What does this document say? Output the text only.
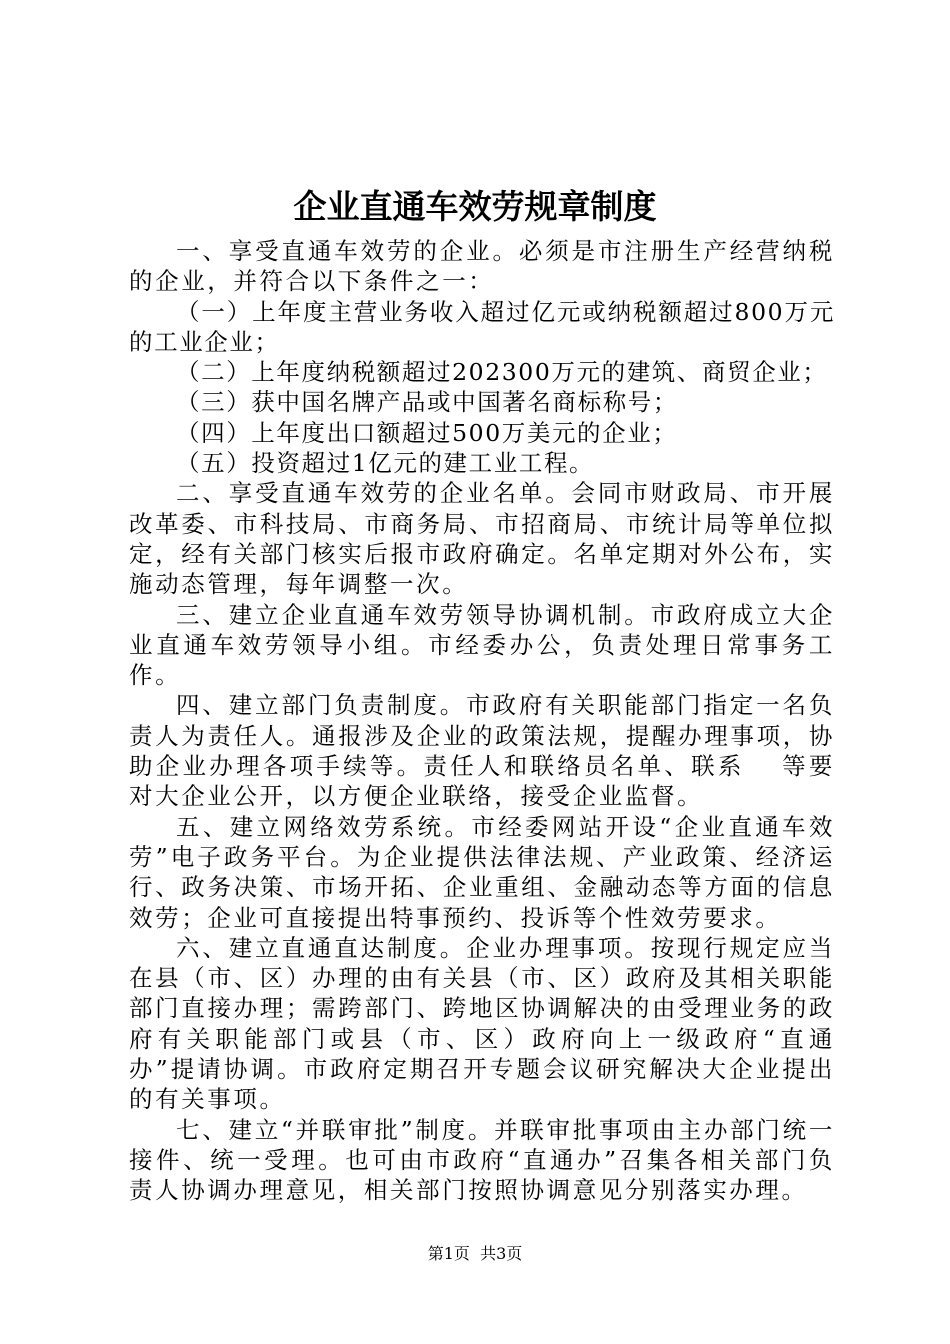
企业直通车效劳规章制度

一、享受直通车效劳的企业。必须是市注册生产经营纳税的企业，并符合以下条件之一：

（一）上年度主营业务收入超过亿元或纳税额超过800万元的工业企业；

（二）上年度纳税额超过202300万元的建筑、商贸企业；

（三）获中国名牌产品或中国著名商标称号；

（四）上年度出口额超过500万美元的企业；

（五）投资超过1亿元的建工业工程。

二、享受直通车效劳的企业名单。会同市财政局、市开展改革委、市科技局、市商务局、市招商局、市统计局等单位拟定，经有关部门核实后报市政府确定。名单定期对外公布，实施动态管理，每年调整一次。

三、建立企业直通车效劳领导协调机制。市政府成立大企业直通车效劳领导小组。市经委办公，负责处理日常事务工作。

四、建立部门负责制度。市政府有关职能部门指定一名负责人为责任人。通报涉及企业的政策法规，提醒办理事项，协助企业办理各项手续等。责任人和联络员名单、联系　 等要对大企业公开，以方便企业联络，接受企业监督。

五、建立网络效劳系统。市经委网站开设“企业直通车效劳”电子政务平台。为企业提供法律法规、产业政策、经济运行、政务决策、市场开拓、企业重组、金融动态等方面的信息效劳；企业可直接提出特事预约、投诉等个性效劳要求。

六、建立直通直达制度。企业办理事项。按现行规定应当在县（市、区）办理的由有关县（市、区）政府及其相关职能部门直接办理；需跨部门、跨地区协调解决的由受理业务的政府有关职能部门或县（市、区）政府向上一级政府“直通办”提请协调。市政府定期召开专题会议研究解决大企业提出的有关事项。

七、建立“并联审批”制度。并联审批事项由主办部门统一接件、统一受理。也可由市政府“直通办”召集各相关部门负责人协调办理意见，相关部门按照协调意见分别落实办理。

第1页 共3页
